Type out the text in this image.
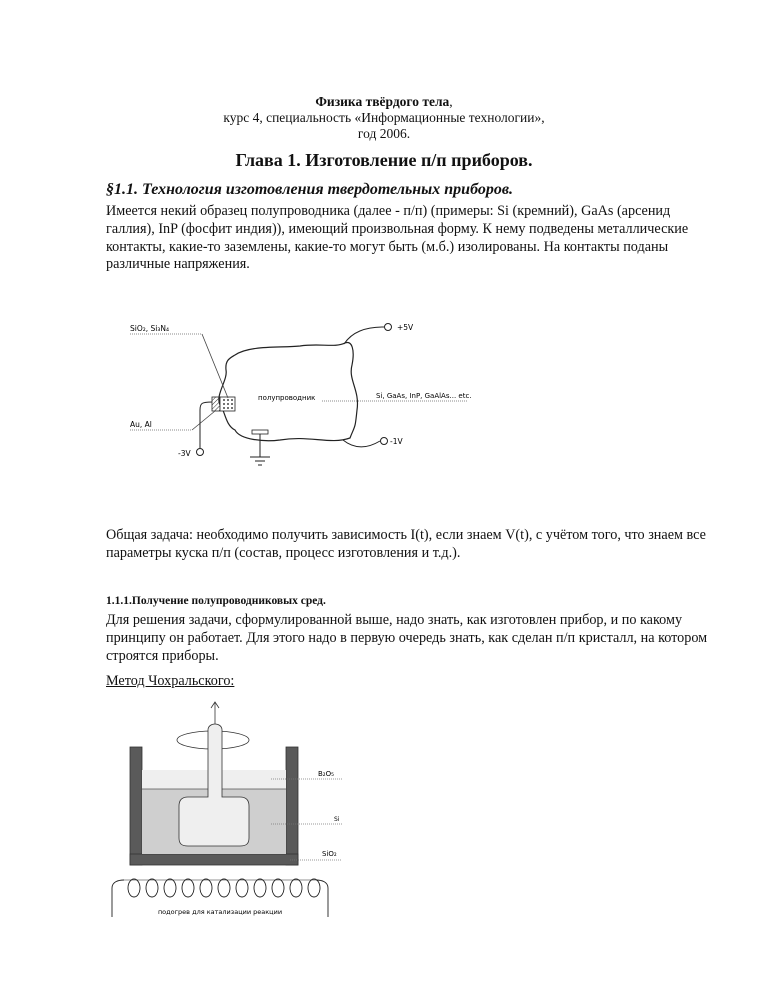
Физика твёрдого тела,
курс 4, специальность «Информационные технологии»,
год 2006.
Глава 1. Изготовление п/п приборов.
§1.1. Технология изготовления твердотельных приборов.
Имеется некий образец полупроводника (далее - п/п) (примеры: Si (кремний), GaAs (арсенид галлия), InP (фосфит индия)), имеющий произвольная форму. К нему подведены металлические контакты, какие-то заземлены, какие-то могут быть (м.б.) изолированы. На контакты поданы различные напряжения.
-3V
+5V
-1V
SiO₂, Si₃N₄
Au, Al
полупроводник	Si, GaAs, InP, GaAlAs... etc.
Общая задача: необходимо получить зависимость I(t), если знаем V(t), с учётом того, что знаем все параметры куска п/п (состав, процесс изготовления и т.д.).
1.1.1.Получение полупроводниковых сред.
Для решения задачи, сформулированной выше, надо знать, как изготовлен прибор, и по какому принципу он работает. Для этого надо в первую очередь знать, как сделан п/п кристалл, на котором строятся приборы.
Метод Чохральского:
B₂O₅
Si
SiO₂
подогрев для катализации реакции
